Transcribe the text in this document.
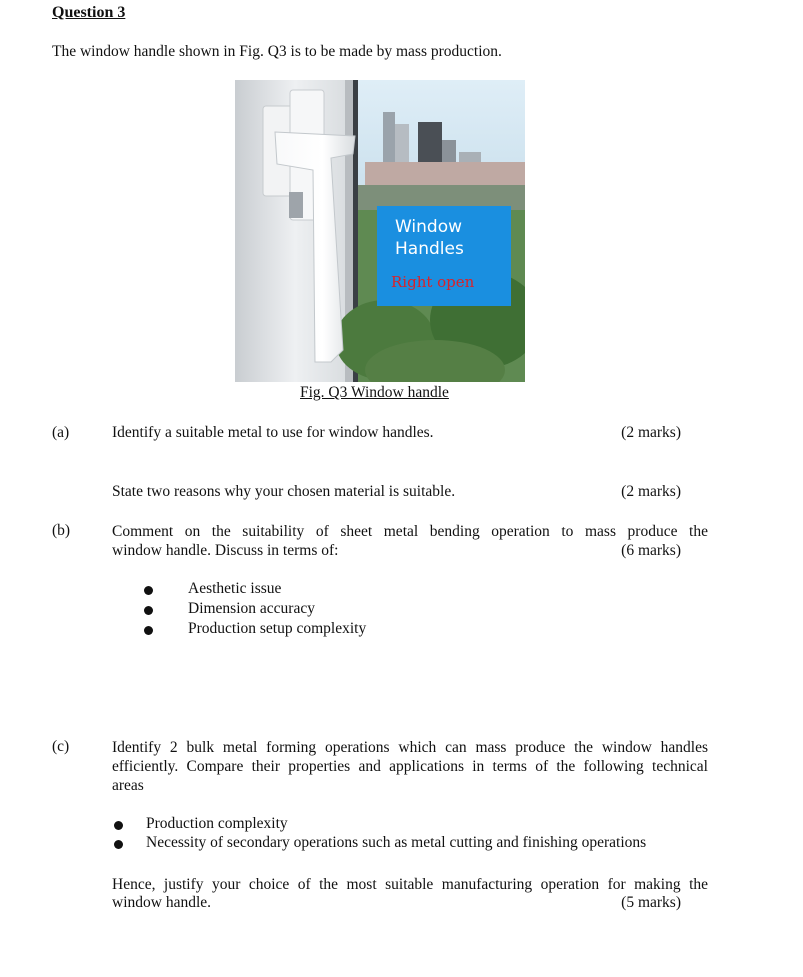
Question 3
The window handle shown in Fig. Q3 is to be made by mass production.
Window
Handles
Right open
Fig. Q3 Window handle
(a)	Identify a suitable metal to use for window handles.	(2 marks)
State two reasons why your chosen material is suitable.	(2 marks)
(b)	Comment on the suitability of sheet metal bending operation to mass produce the
window handle. Discuss in terms of:	(6 marks)
Aesthetic issue
Dimension accuracy
Production setup complexity
(c)	Identify 2 bulk metal forming operations which can mass produce the window handles
efficiently. Compare their properties and applications in terms of the following technical
areas
Production complexity
Necessity of secondary operations such as metal cutting and finishing operations
Hence, justify your choice of the most suitable manufacturing operation for making the
window handle.	(5 marks)
